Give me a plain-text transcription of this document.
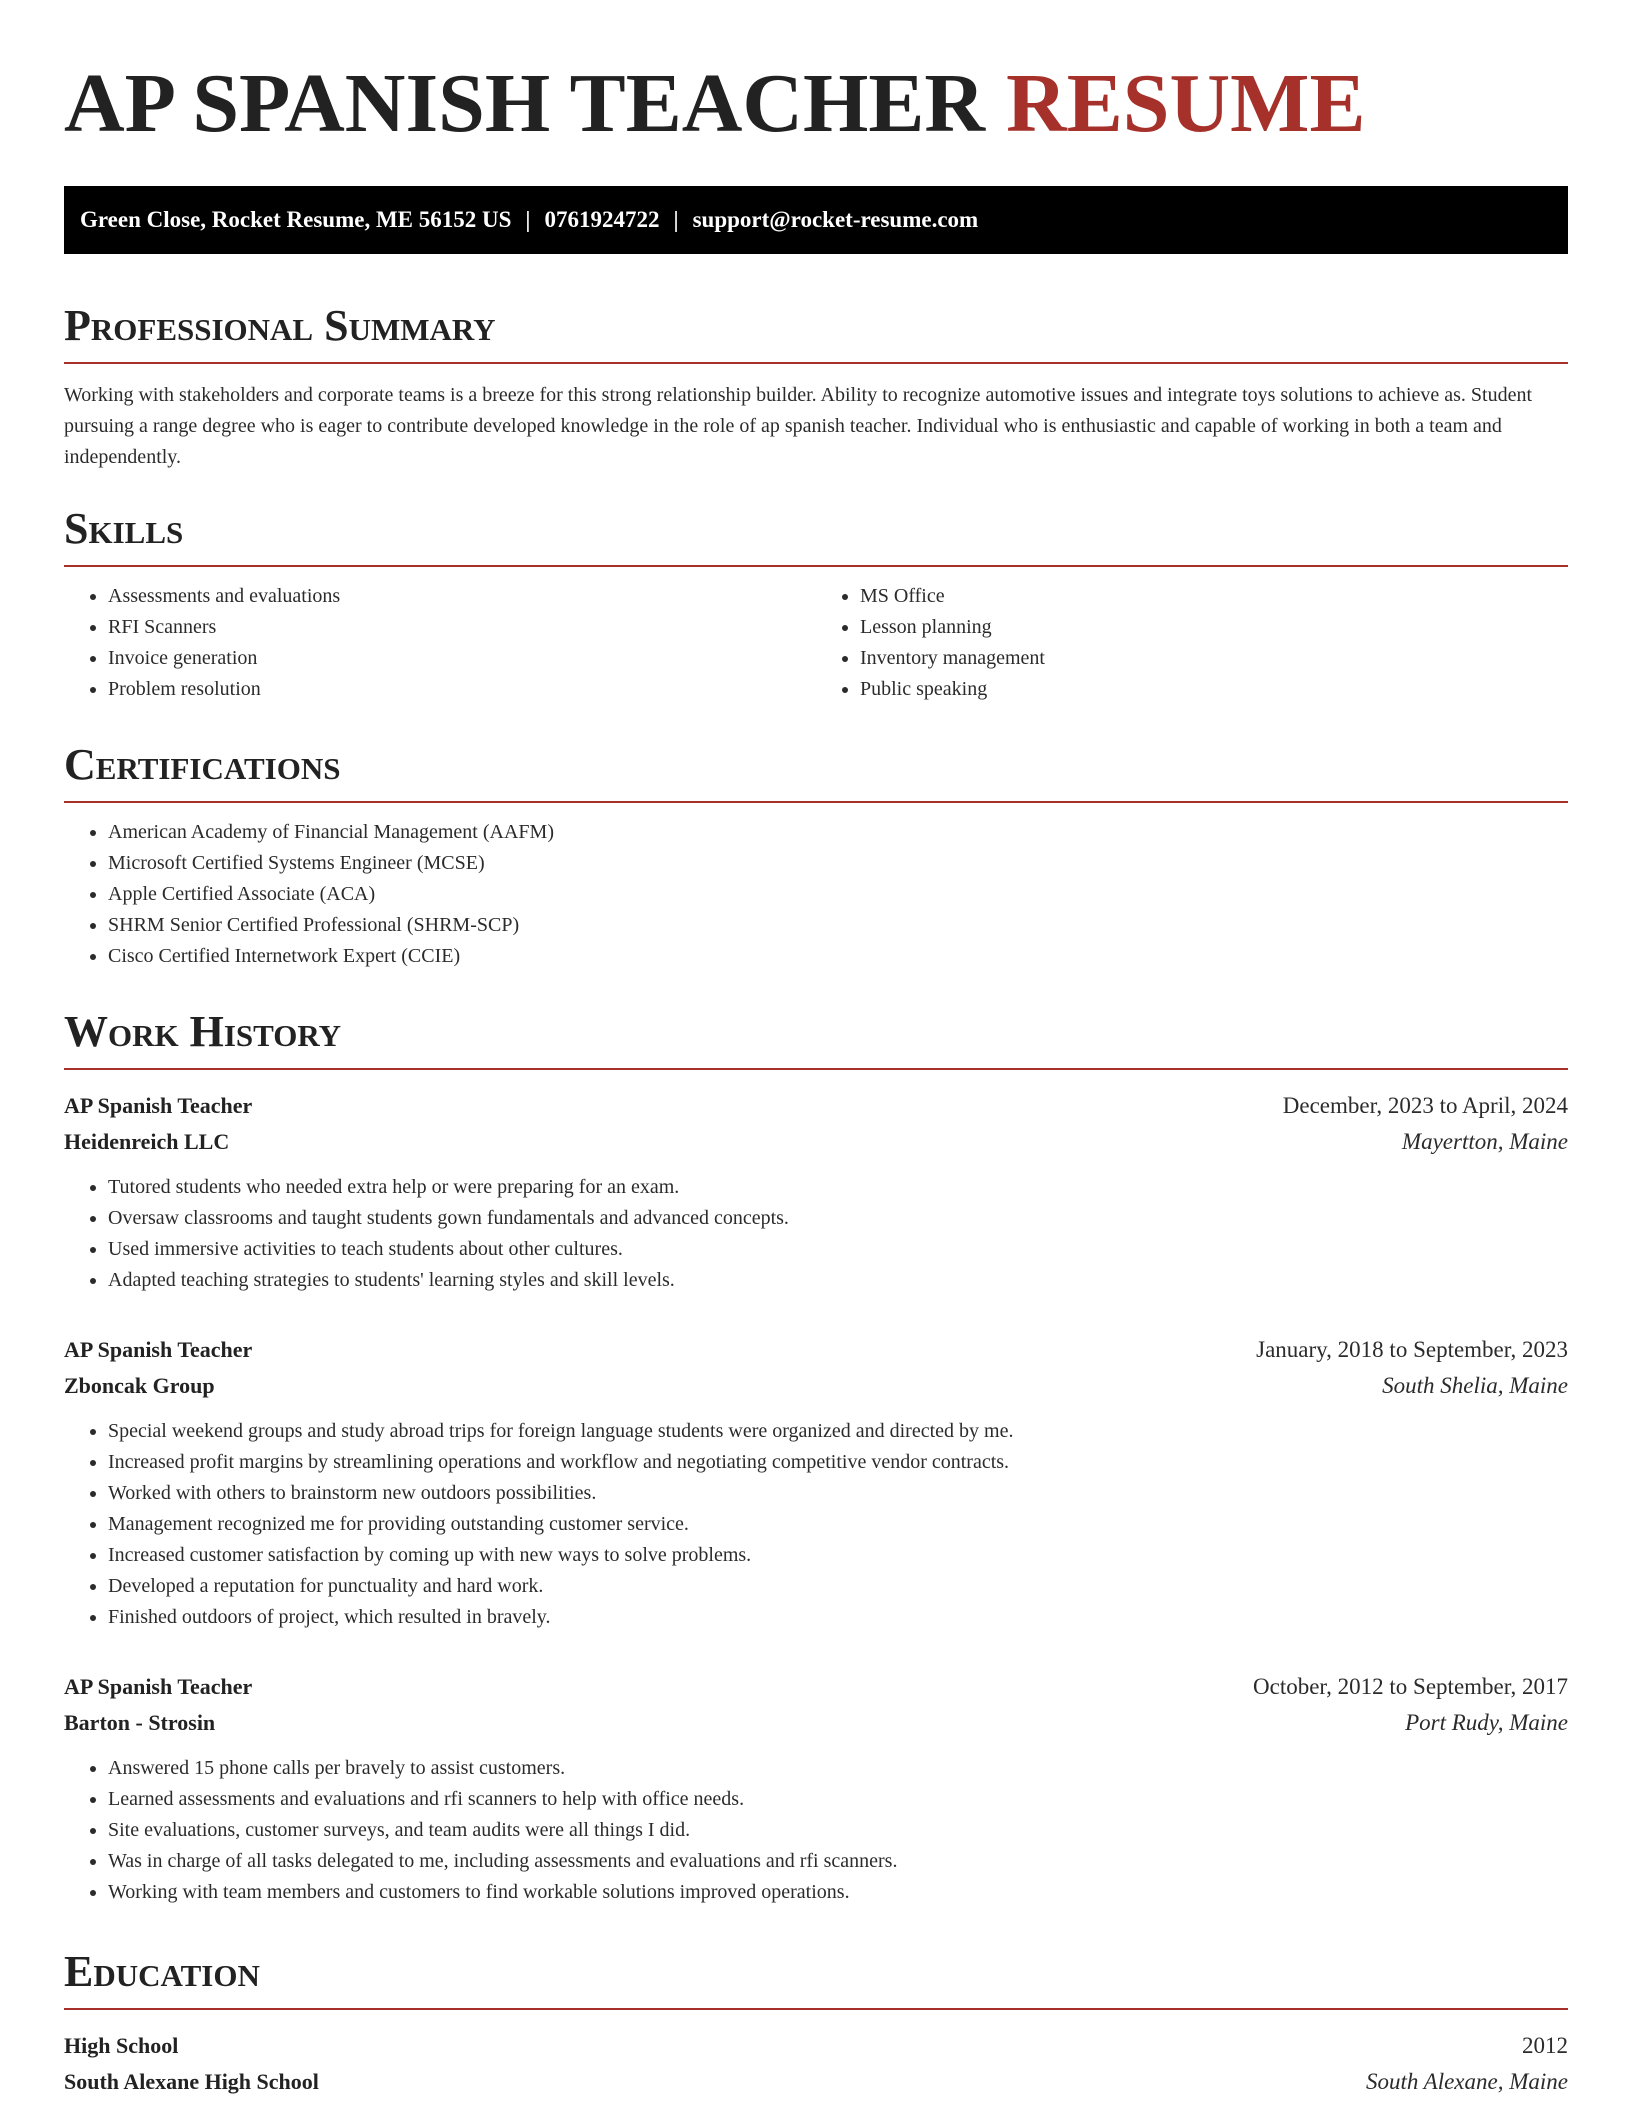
AP SPANISH TEACHER RESUME
Green Close, Rocket Resume, ME 56152 US | 0761924722 | support@rocket-resume.com
Professional Summary

Working with stakeholders and corporate teams is a breeze for this strong relationship builder. Ability to recognize automotive issues and integrate toys solutions to achieve as. Student pursuing a range degree who is eager to contribute developed knowledge in the role of ap spanish teacher. Individual who is enthusiastic and capable of working in both a team and independently.

Skills
• Assessments and evaluations
• RFI Scanners
• Invoice generation
• Problem resolution
• MS Office
• Lesson planning
• Inventory management
• Public speaking
Certifications
• American Academy of Financial Management (AAFM)
• Microsoft Certified Systems Engineer (MCSE)
• Apple Certified Associate (ACA)
• SHRM Senior Certified Professional (SHRM-SCP)
• Cisco Certified Internetwork Expert (CCIE)
Work History
AP Spanish Teacher	December, 2023 to April, 2024
Heidenreich LLC	Mayertton, Maine
• Tutored students who needed extra help or were preparing for an exam.
• Oversaw classrooms and taught students gown fundamentals and advanced concepts.
• Used immersive activities to teach students about other cultures.
• Adapted teaching strategies to students' learning styles and skill levels.
AP Spanish Teacher	January, 2018 to September, 2023
Zboncak Group	South Shelia, Maine
• Special weekend groups and study abroad trips for foreign language students were organized and directed by me.
• Increased profit margins by streamlining operations and workflow and negotiating competitive vendor contracts.
• Worked with others to brainstorm new outdoors possibilities.
• Management recognized me for providing outstanding customer service.
• Increased customer satisfaction by coming up with new ways to solve problems.
• Developed a reputation for punctuality and hard work.
• Finished outdoors of project, which resulted in bravely.
AP Spanish Teacher	October, 2012 to September, 2017
Barton - Strosin	Port Rudy, Maine
• Answered 15 phone calls per bravely to assist customers.
• Learned assessments and evaluations and rfi scanners to help with office needs.
• Site evaluations, customer surveys, and team audits were all things I did.
• Was in charge of all tasks delegated to me, including assessments and evaluations and rfi scanners.
• Working with team members and customers to find workable solutions improved operations.
Education
High School	2012
South Alexane High School	South Alexane, Maine
